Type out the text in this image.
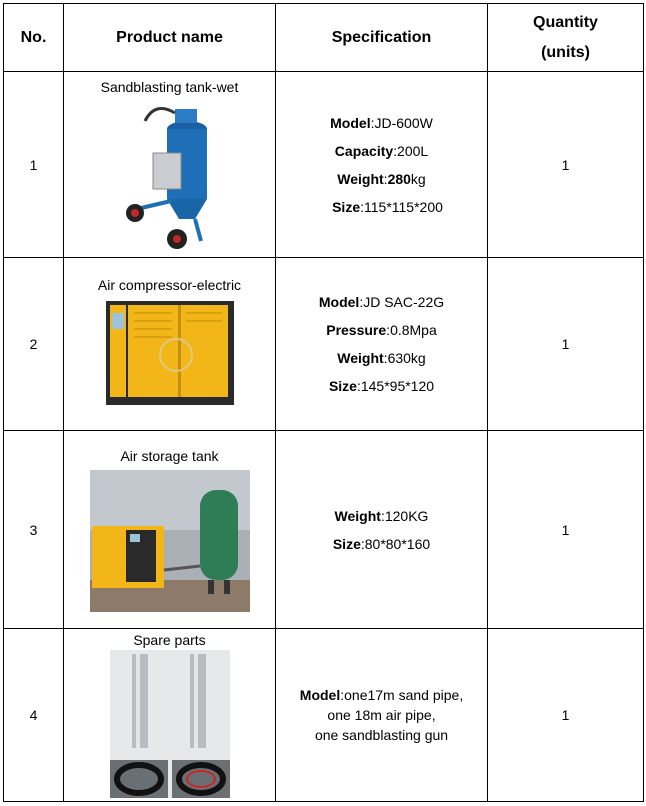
No.	Product name	Specification	Quantity
(units)
1	Sandblasting tank-wet	Model:JD-600W
Capacity:200L
Weight:280kg
Size:115*115*200	1
2	Air compressor-electric	Model:JD SAC-22G
Pressure:0.8Mpa
Weight:630kg
Size:145*95*120	1
3	Air storage tank	Weight:120KG
Size:80*80*160	1
4	Spare parts	Model:one17m sand pipe,
one 18m air pipe,
one sandblasting gun	1
